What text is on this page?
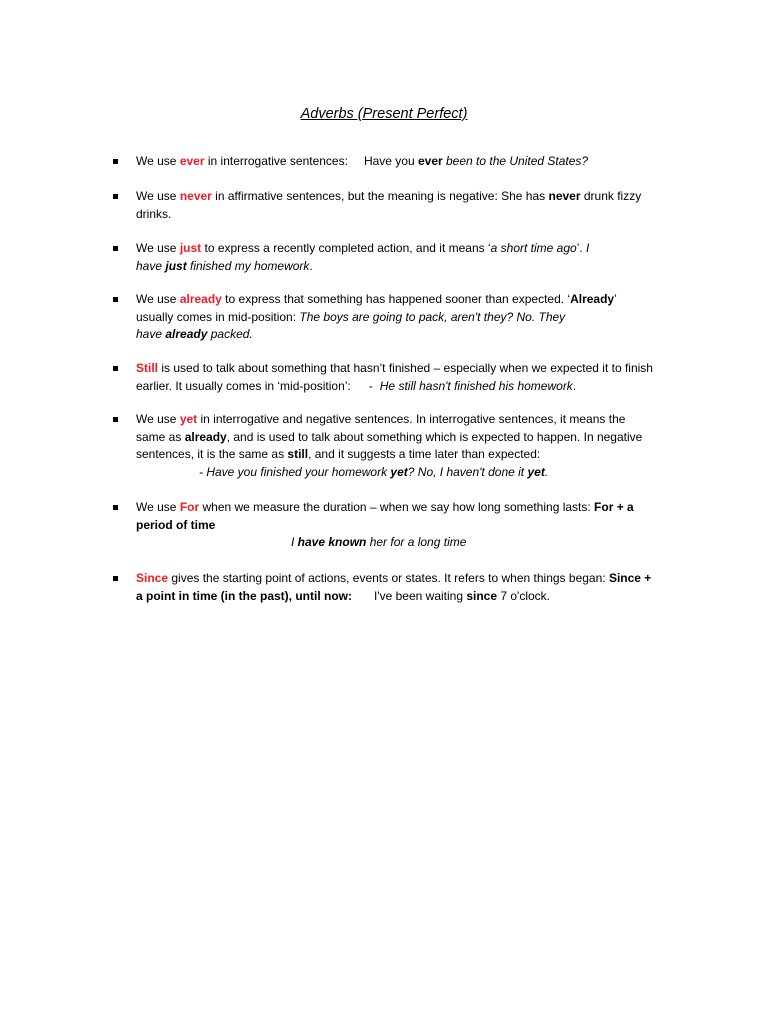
Adverbs (Present Perfect)
We use ever in interrogative sentences: Have you ever been to the United States?
We use never in affirmative sentences, but the meaning is negative: She has never drunk fizzy
drinks.
We use just to express a recently completed action, and it means ‘a short time ago’. I
have just finished my homework.
We use already to express that something has happened sooner than expected. ‘Already’
usually comes in mid-position: The boys are going to pack, aren't they? No. They
have already packed.
Still is used to talk about something that hasn’t finished – especially when we expected it to finish
earlier. It usually comes in ‘mid-position’: - He still hasn't finished his homework.
We use yet in interrogative and negative sentences. In interrogative sentences, it means the
same as already, and is used to talk about something which is expected to happen. In negative
sentences, it is the same as still, and it suggests a time later than expected:
- Have you finished your homework yet? No, I haven't done it yet.
We use For when we measure the duration – when we say how long something lasts: For + a
period of time
I have known her for a long time
Since gives the starting point of actions, events or states. It refers to when things began: Since +
a point in time (in the past), until now: I've been waiting since 7 o'clock.
